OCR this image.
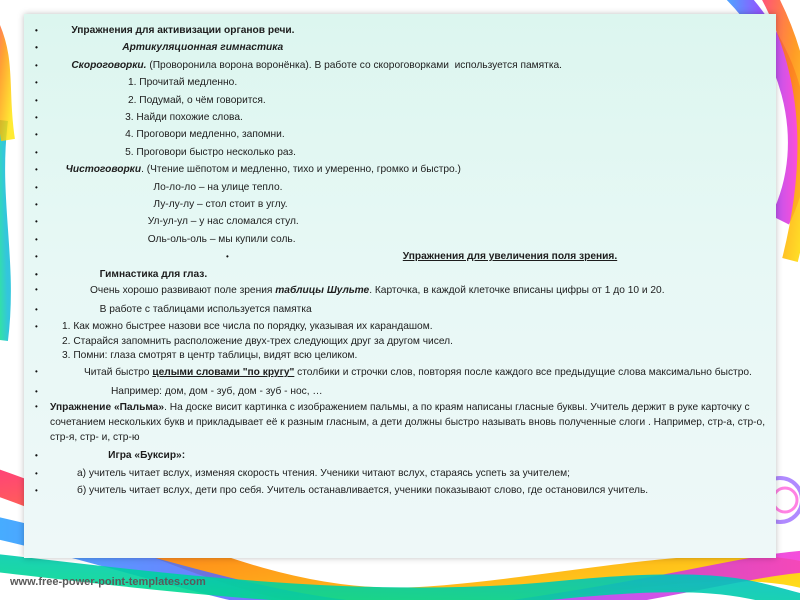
•	Упражнения для активизации органов речи.
•	Артикуляционная гимнастика
•	Скороговорки. (Проворонила ворона воронёнка). В работе со скороговорками  используется памятка.
•	1. Прочитай медленно.
•	2. Подумай, о чём говорится.
•	3. Найди похожие слова.
•	4. Проговори медленно, запомни.
•	5. Проговори быстро несколько раз.
•	Чистоговорки. (Чтение шёпотом и медленно, тихо и умеренно, громко и быстро.)
•	Ло-ло-ло – на улице тепло.
•	Лу-лу-лу – стол стоит в углу.
•	Ул-ул-ул – у нас сломался стул.
•	Оль-оль-оль – мы купили соль.
•	•	Упражнения для увеличения поля зрения.
•	Гимнастика для глаз.
•	Очень хорошо развивают поле зрения таблицы Шульте. Карточка, в каждой клеточке вписаны цифры от 1 до 10 и 20.
•	В работе с таблицами используется памятка
• 1. Как можно быстрее назови все числа по порядку, указывая их карандашом.
2. Старайся запомнить расположение двух-трех следующих друг за другом чисел.
3. Помни: глаза смотрят в центр таблицы, видят всю целиком.
•	Читай быстро целыми словами "по кругу" столбики и строчки слов, повторяя после каждого все предыдущие слова максимально быстро.
•	Например: дом, дом - зуб, дом - зуб - нос, …
• Упражнение «Пальма». На доске висит картинка с изображением пальмы, а по краям написаны гласные буквы. Учитель держит в руке карточку с сочетанием нескольких букв и прикладывает её к разным гласным, а дети должны быстро называть вновь полученные слоги . Например, стр-а, стр-о, стр-я, стр- и, стр-ю
•	Игра «Буксир»:
•	а) учитель читает вслух, изменяя скорость чтения. Ученики читают вслух, стараясь успеть за учителем;
•	б) учитель читает вслух, дети про себя. Учитель останавливается, ученики показывают слово, где остановился учитель.
www.free-power-point-templates.com
